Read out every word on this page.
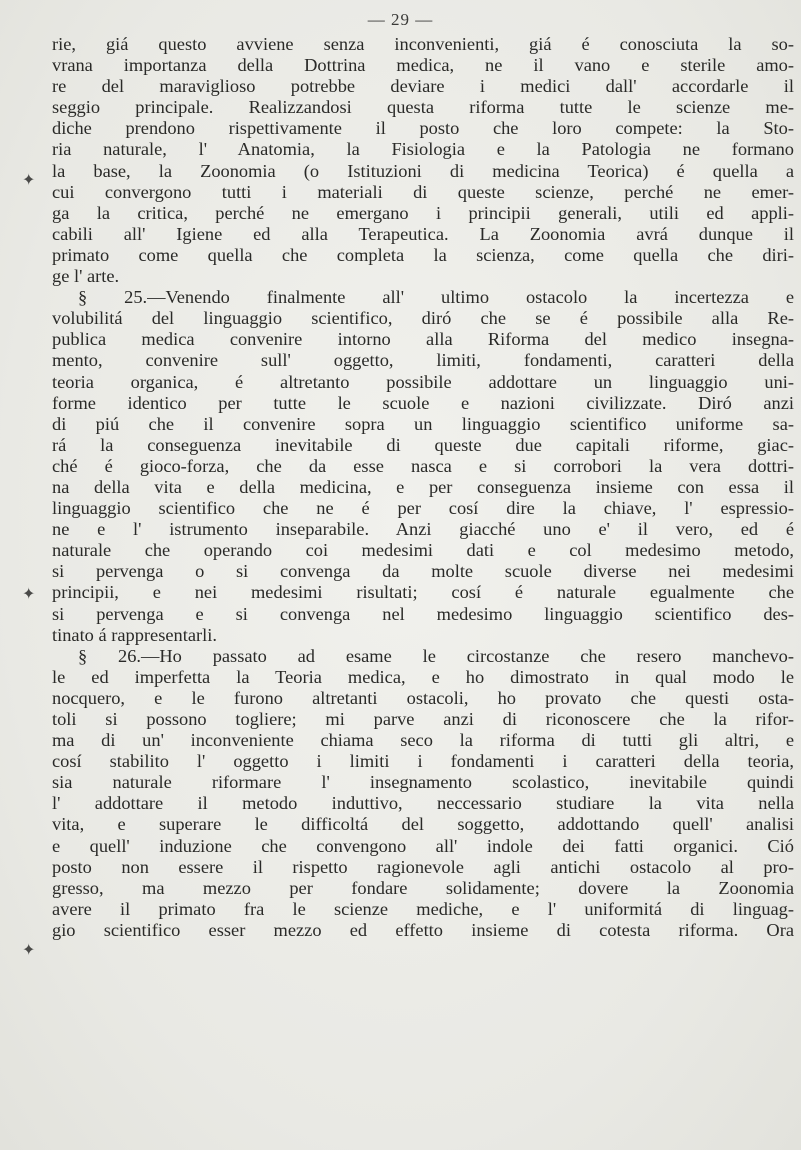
— 29 —
✦
✦
✦
rie, giá questo avviene senza inconvenienti, giá é conosciuta la so-
vrana importanza della Dottrina medica, ne il vano e sterile amo-
re del maraviglioso potrebbe deviare i medici dall' accordarle il
seggio principale. Realizzandosi questa riforma tutte le scienze me-
diche prendono rispettivamente il posto che loro compete: la Sto-
ria naturale, l' Anatomia, la Fisiologia e la Patologia ne formano
la base, la Zoonomia (o Istituzioni di medicina Teorica) é quella a
cui convergono tutti i materiali di queste scienze, perché ne emer-
ga la critica, perché ne emergano i principii generali, utili ed appli-
cabili all' Igiene ed alla Terapeutica. La Zoonomia avrá dunque il
primato come quella che completa la scienza, come quella che diri-
ge l' arte.
§ 25.—Venendo finalmente all' ultimo ostacolo la incertezza e
volubilitá del linguaggio scientifico, diró che se é possibile alla Re-
publica medica convenire intorno alla Riforma del medico insegna-
mento, convenire sull' oggetto, limiti, fondamenti, caratteri della
teoria organica, é altretanto possibile addottare un linguaggio uni-
forme identico per tutte le scuole e nazioni civilizzate. Diró anzi
di piú che il convenire sopra un linguaggio scientifico uniforme sa-
rá la conseguenza inevitabile di queste due capitali riforme, giac-
ché é gioco-forza, che da esse nasca e si corrobori la vera dottri-
na della vita e della medicina, e per conseguenza insieme con essa il
linguaggio scientifico che ne é per cosí dire la chiave, l' espressio-
ne e l' istrumento inseparabile. Anzi giacché uno e' il vero, ed é
naturale che operando coi medesimi dati e col medesimo metodo,
si pervenga o si convenga da molte scuole diverse nei medesimi
principii, e nei medesimi risultati; cosí é naturale egualmente che
si pervenga e si convenga nel medesimo linguaggio scientifico des-
tinato á rappresentarli.
§ 26.—Ho passato ad esame le circostanze che resero manchevo-
le ed imperfetta la Teoria medica, e ho dimostrato in qual modo le
nocquero, e le furono altretanti ostacoli, ho provato che questi osta-
toli si possono togliere; mi parve anzi di riconoscere che la rifor-
ma di un' inconveniente chiama seco la riforma di tutti gli altri, e
cosí stabilito l' oggetto i limiti i fondamenti i caratteri della teoria,
sia naturale riformare l' insegnamento scolastico, inevitabile quindi
l' addottare il metodo induttivo, neccessario studiare la vita nella
vita, e superare le difficoltá del soggetto, addottando quell' analisi
e quell' induzione che convengono all' indole dei fatti organici. Ció
posto non essere il rispetto ragionevole agli antichi ostacolo al pro-
gresso, ma mezzo per fondare solidamente; dovere la Zoonomia
avere il primato fra le scienze mediche, e l' uniformitá di linguag-
gio scientifico esser mezzo ed effetto insieme di cotesta riforma. Ora
